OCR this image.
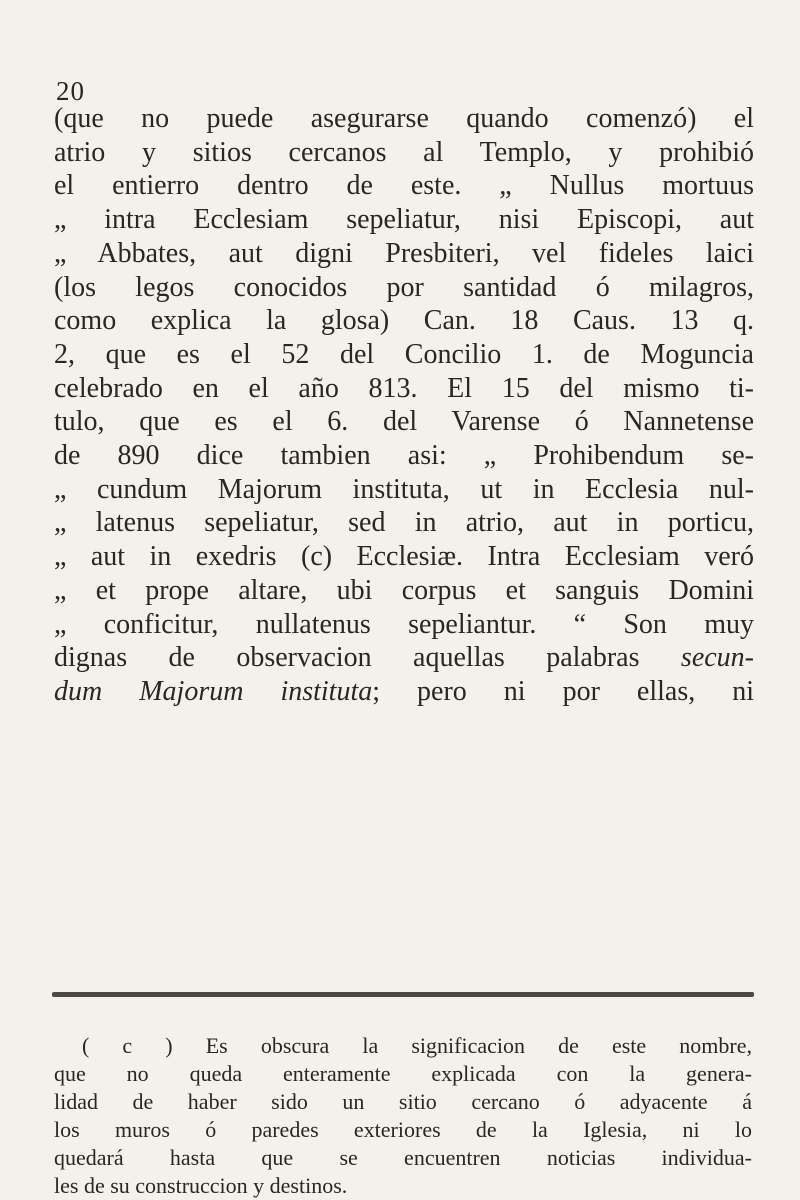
20
(que no puede asegurarse quando comenzó) el
atrio y sitios cercanos al Templo, y prohibió
el entierro dentro de este. „ Nullus mortuus
„ intra Ecclesiam sepeliatur, nisi Episcopi, aut
„ Abbates, aut digni Presbiteri, vel fideles laici
(los legos conocidos por santidad ó milagros,
como explica la glosa) Can. 18 Caus. 13 q.
2, que es el 52 del Concilio 1. de Moguncia
celebrado en el año 813. El 15 del mismo ti-
tulo, que es el 6. del Varense ó Nannetense
de 890 dice tambien asi: „ Prohibendum se-
„ cundum Majorum instituta, ut in Ecclesia nul-
„ latenus sepeliatur, sed in atrio, aut in porticu,
„ aut in exedris (c) Ecclesiæ. Intra Ecclesiam veró
„ et prope altare, ubi corpus et sanguis Domini
„ conficitur, nullatenus sepeliantur. “ Son muy
dignas de observacion aquellas palabras secun-
dum Majorum instituta; pero ni por ellas, ni
( c ) Es obscura la significacion de este nombre,
que no queda enteramente explicada con la genera-
lidad de haber sido un sitio cercano ó adyacente á
los muros ó paredes exteriores de la Iglesia, ni lo
quedará hasta que se encuentren noticias individua-
les de su construccion y destinos.
